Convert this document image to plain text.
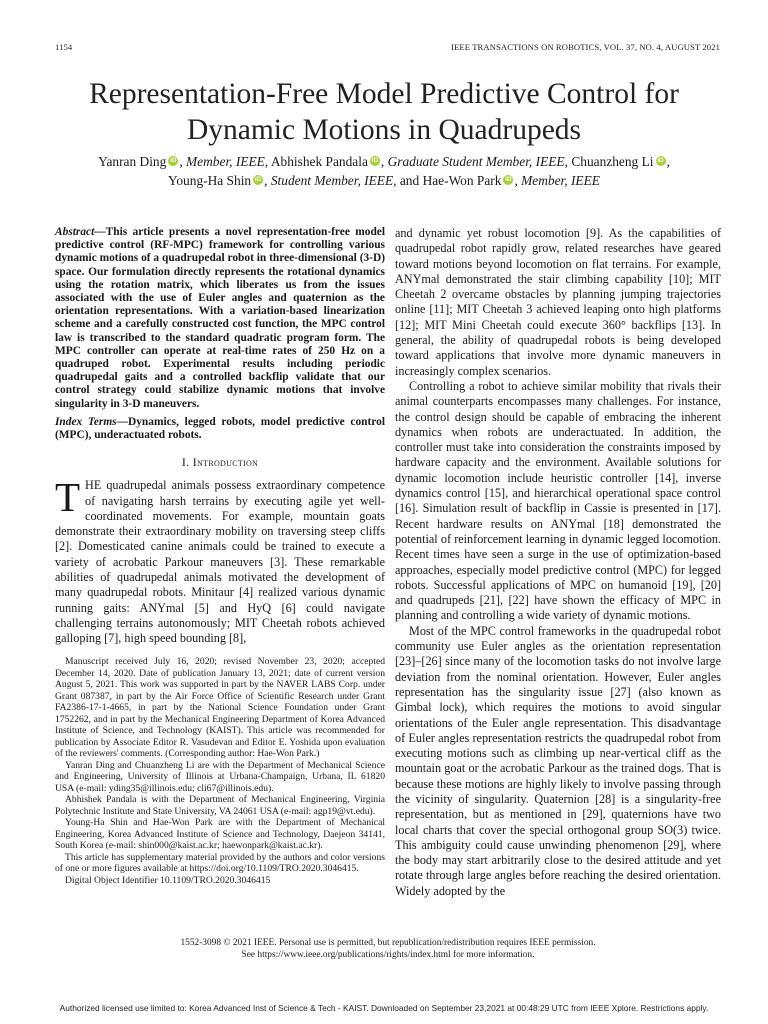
1154	IEEE TRANSACTIONS ON ROBOTICS, VOL. 37, NO. 4, AUGUST 2021
Representation-Free Model Predictive Control for
Dynamic Motions in Quadrupeds
Yanran Ding iD , Member, IEEE, Abhishek Pandala iD , Graduate Student Member, IEEE, Chuanzheng Li iD ,
Young-Ha Shin iD , Student Member, IEEE, and Hae-Won Park iD , Member, IEEE

Abstract—This article presents a novel representation-free model predictive control (RF-MPC) framework for controlling various dynamic motions of a quadrupedal robot in three-dimensional (3-D) space. Our formulation directly represents the rotational dynamics using the rotation matrix, which liberates us from the issues associated with the use of Euler angles and quaternion as the orientation representations. With a variation-based linearization scheme and a carefully constructed cost function, the MPC control law is transcribed to the standard quadratic program form. The MPC controller can operate at real-time rates of 250 Hz on a quadruped robot. Experimental results including periodic quadrupedal gaits and a controlled backflip validate that our control strategy could stabilize dynamic motions that involve singularity in 3-D maneuvers.

Index Terms—Dynamics, legged robots, model predictive control (MPC), underactuated robots.

I. Introduction

THE quadrupedal animals possess extraordinary competence of navigating harsh terrains by executing agile yet well-coordinated movements. For example, mountain goats demonstrate their extraordinary mobility on traversing steep cliffs [2]. Domesticated canine animals could be trained to execute a variety of acrobatic Parkour maneuvers [3]. These remarkable abilities of quadrupedal animals motivated the development of many quadrupedal robots. Minitaur [4] realized various dynamic running gaits: ANYmal [5] and HyQ [6] could navigate challenging terrains autonomously; MIT Cheetah robots achieved galloping [7], high speed bounding [8],

Manuscript received July 16, 2020; revised November 23, 2020; accepted December 14, 2020. Date of publication January 13, 2021; date of current version August 5, 2021. This work was supported in part by the NAVER LABS Corp. under Grant 087387, in part by the Air Force Office of Scientific Research under Grant FA2386-17-1-4665, in part by the National Science Foundation under Grant 1752262, and in part by the Mechanical Engineering Department of Korea Advanced Institute of Science, and Technology (KAIST). This article was recommended for publication by Associate Editor R. Vasudevan and Editor E. Yoshida upon evaluation of the reviewers' comments. (Corresponding author: Hae-Won Park.)

Yanran Ding and Chuanzheng Li are with the Department of Mechanical Science and Engineering, University of Illinois at Urbana-Champaign, Urbana, IL 61820 USA (e-mail: yding35@illinois.edu; cli67@illinois.edu).

Abhishek Pandala is with the Department of Mechanical Engineering, Virginia Polytechnic Institute and State University, VA 24061 USA (e-mail: agp19@vt.edu).

Young-Ha Shin and Hae-Won Park are with the Department of Mechanical Engineering, Korea Advanced Institute of Science and Technology, Daejeon 34141, South Korea (e-mail: shin000@kaist.ac.kr; haewonpark@kaist.ac.kr).

This article has supplementary material provided by the authors and color versions of one or more figures available at https://doi.org/10.1109/TRO.2020.3046415.

Digital Object Identifier 10.1109/TRO.2020.3046415

and dynamic yet robust locomotion [9]. As the capabilities of quadrupedal robot rapidly grow, related researches have geared toward motions beyond locomotion on flat terrains. For example, ANYmal demonstrated the stair climbing capability [10]; MIT Cheetah 2 overcame obstacles by planning jumping trajectories online [11]; MIT Cheetah 3 achieved leaping onto high platforms [12]; MIT Mini Cheetah could execute 360° backflips [13]. In general, the ability of quadrupedal robots is being developed toward applications that involve more dynamic maneuvers in increasingly complex scenarios.

Controlling a robot to achieve similar mobility that rivals their animal counterparts encompasses many challenges. For instance, the control design should be capable of embracing the inherent dynamics when robots are underactuated. In addition, the controller must take into consideration the constraints imposed by hardware capacity and the environment. Available solutions for dynamic locomotion include heuristic controller [14], inverse dynamics control [15], and hierarchical operational space control [16]. Simulation result of backflip in Cassie is presented in [17]. Recent hardware results on ANYmal [18] demonstrated the potential of reinforcement learning in dynamic legged locomotion. Recent times have seen a surge in the use of optimization-based approaches, especially model predictive control (MPC) for legged robots. Successful applications of MPC on humanoid [19], [20] and quadrupeds [21], [22] have shown the efficacy of MPC in planning and controlling a wide variety of dynamic motions.

Most of the MPC control frameworks in the quadrupedal robot community use Euler angles as the orientation representation [23]–[26] since many of the locomotion tasks do not involve large deviation from the nominal orientation. However, Euler angles representation has the singularity issue [27] (also known as Gimbal lock), which requires the motions to avoid singular orientations of the Euler angle representation. This disadvantage of Euler angles representation restricts the quadrupedal robot from executing motions such as climbing up near-vertical cliff as the mountain goat or the acrobatic Parkour as the trained dogs. That is because these motions are highly likely to involve passing through the vicinity of singularity. Quaternion [28] is a singularity-free representation, but as mentioned in [29], quaternions have two local charts that cover the special orthogonal group SO(3) twice. This ambiguity could cause unwinding phenomenon [29], where the body may start arbitrarily close to the desired attitude and yet rotate through large angles before reaching the desired orientation. Widely adopted by the

1552-3098 © 2021 IEEE. Personal use is permitted, but republication/redistribution requires IEEE permission.
See https://www.ieee.org/publications/rights/index.html for more information.
Authorized licensed use limited to: Korea Advanced Inst of Science & Tech - KAIST. Downloaded on September 23,2021 at 00:48:29 UTC from IEEE Xplore. Restrictions apply.
